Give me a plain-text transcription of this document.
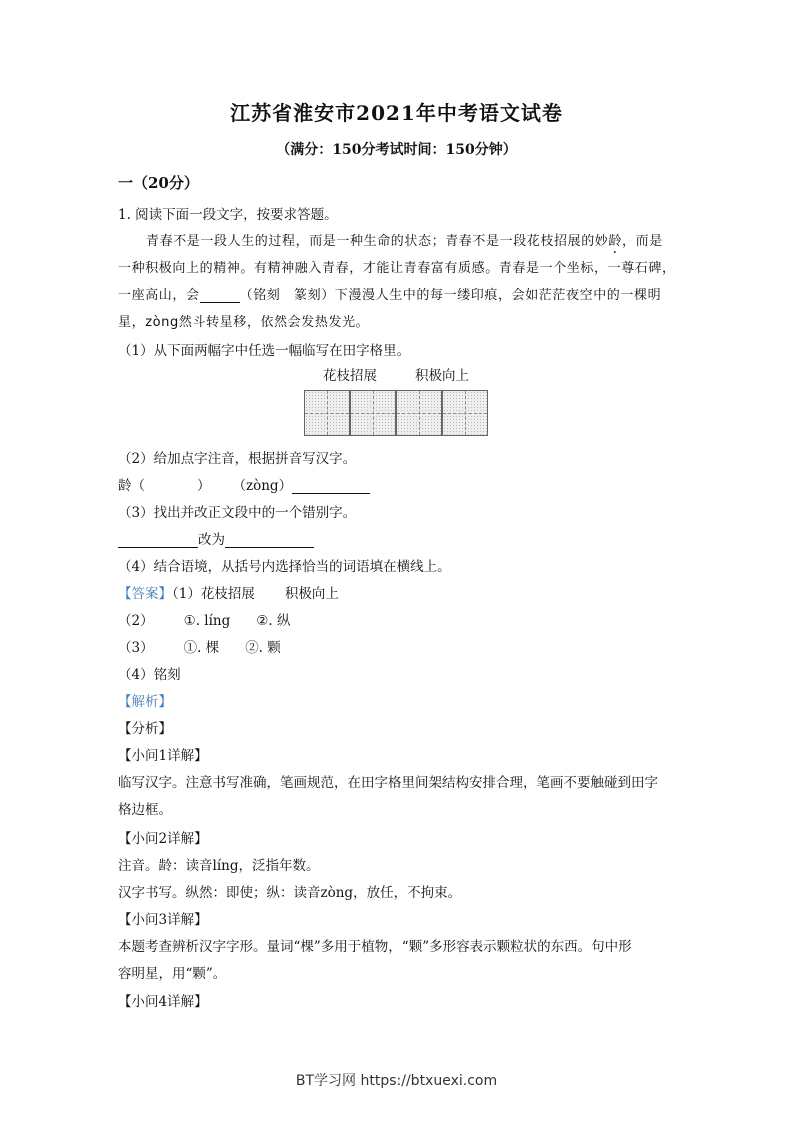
江苏省淮安市2021年中考语文试卷
（满分：150分考试时间：150分钟）
一（20分）
1. 阅读下面一段文字，按要求答题。
青春不是一段人生的过程，而是一种生命的状态；青春不是一段花枝招展的妙龄，而是
一种积极向上的精神。有精神融入青春，才能让青春富有质感。青春是一个坐标，一尊石碑，
一座高山，会	（铭刻　篆刻）下漫漫人生中的每一缕印痕，会如茫茫夜空中的一棵明
星，zòng然斗转星移，依然会发热发光。
（1）从下面两幅字中任选一幅临写在田字格里。
花枝招展	积极向上
（2）给加点字注音，根据拼音写汉字。
龄（	） （zòng）
（3）找出并改正文段中的一个错别字。
改为
（4）结合语境，从括号内选择恰当的词语填在横线上。
【答案】（1）花枝招展 积极向上
（2） ①. líng ②. 纵
（3） ①. 棵 ②. 颗
（4）铭刻
【解析】
【分析】
【小问1详解】
临写汉字。注意书写准确，笔画规范，在田字格里间架结构安排合理，笔画不要触碰到田字
格边框。
【小问2详解】
注音。龄：读音líng，泛指年数。
汉字书写。纵然：即使；纵：读音zòng，放任，不拘束。
【小问3详解】
本题考查辨析汉字字形。量词“棵”多用于植物，“颗”多形容表示颗粒状的东西。句中形
容明星，用“颗”。
【小问4详解】
BT学习网 https://btxuexi.com
